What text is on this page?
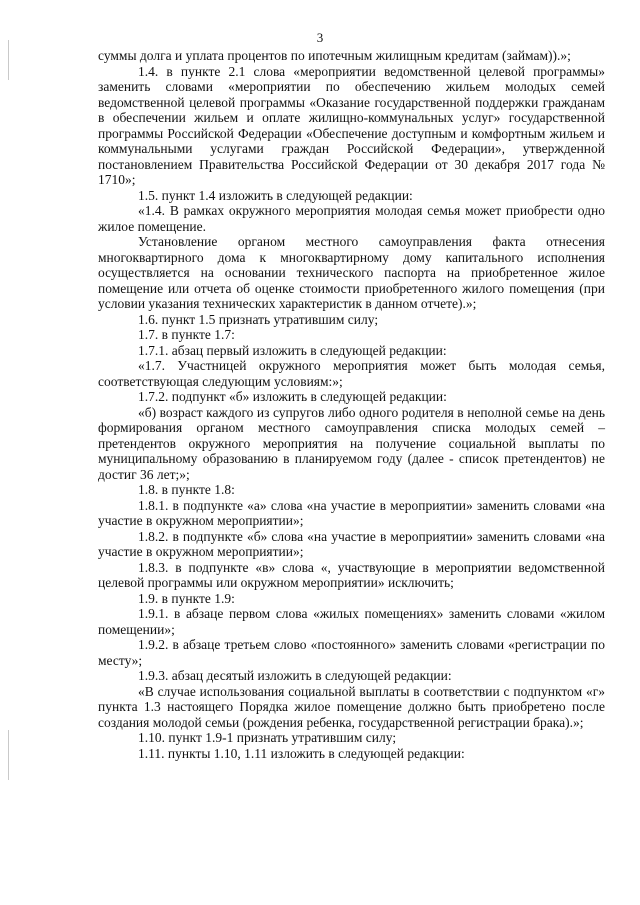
3

суммы долга и уплата процентов по ипотечным жилищным кредитам (займам)).»;

1.4. в пункте 2.1 слова «мероприятии ведомственной целевой программы» заменить словами «мероприятии по обеспечению жильем молодых семей ведомственной целевой программы «Оказание государственной поддержки гражданам в обеспечении жильем и оплате жилищно-коммунальных услуг» государственной программы Российской Федерации «Обеспечение доступным и комфортным жильем и коммунальными услугами граждан Российской Федерации», утвержденной постановлением Правительства Российской Федерации от 30 декабря 2017 года № 1710»;

1.5. пункт 1.4 изложить в следующей редакции:

«1.4. В рамках окружного мероприятия молодая семья может приобрести одно жилое помещение.

Установление органом местного самоуправления факта отнесения многоквартирного дома к многоквартирному дому капитального исполнения осуществляется на основании технического паспорта на приобретенное жилое помещение или отчета об оценке стоимости приобретенного жилого помещения (при условии указания технических характеристик в данном отчете).»;

1.6. пункт 1.5 признать утратившим силу;

1.7. в пункте 1.7:

1.7.1. абзац первый изложить в следующей редакции:

«1.7. Участницей окружного мероприятия может быть молодая семья, соответствующая следующим условиям:»;

1.7.2. подпункт «б» изложить в следующей редакции:

«б) возраст каждого из супругов либо одного родителя в неполной семье на день формирования органом местного самоуправления списка молодых семей – претендентов окружного мероприятия на получение социальной выплаты по муниципальному образованию в планируемом году (далее - список претендентов) не достиг 36 лет;»;

1.8. в пункте 1.8:

1.8.1. в подпункте «а» слова «на участие в мероприятии» заменить словами «на участие в окружном мероприятии»;

1.8.2. в подпункте «б» слова «на участие в мероприятии» заменить словами «на участие в окружном мероприятии»;

1.8.3. в подпункте «в» слова «, участвующие в мероприятии ведомственной целевой программы или окружном мероприятии» исключить;

1.9. в пункте 1.9:

1.9.1. в абзаце первом слова «жилых помещениях» заменить словами «жилом помещении»;

1.9.2. в абзаце третьем слово «постоянного» заменить словами «регистрации по месту»;

1.9.3. абзац десятый изложить в следующей редакции:

«В случае использования социальной выплаты в соответствии с подпунктом «г» пункта 1.3 настоящего Порядка жилое помещение должно быть приобретено после создания молодой семьи (рождения ребенка, государственной регистрации брака).»;

1.10. пункт 1.9-1 признать утратившим силу;

1.11. пункты 1.10, 1.11 изложить в следующей редакции:
